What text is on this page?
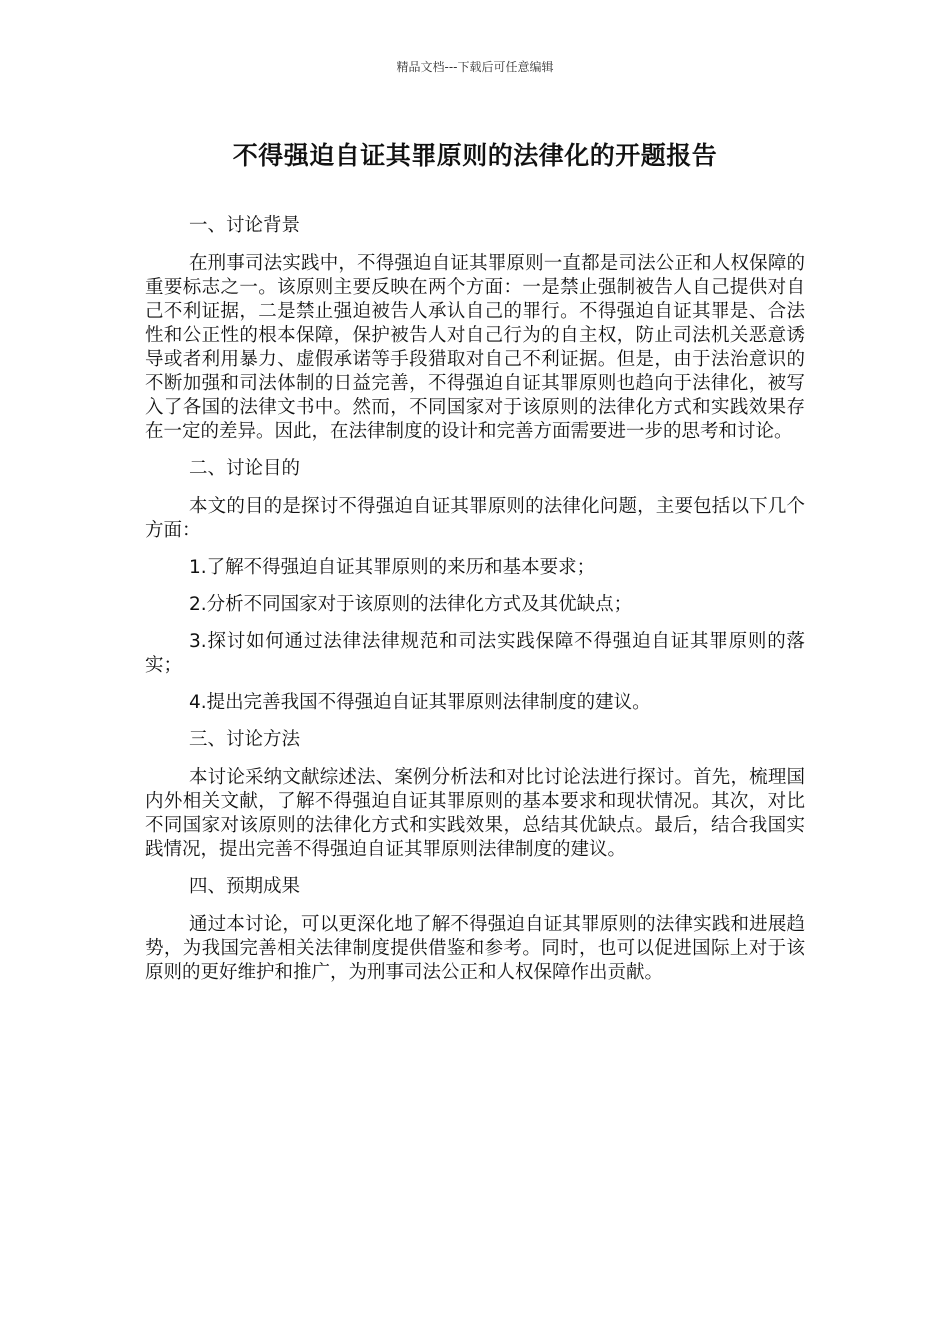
精品文档---下载后可任意编辑
不得强迫自证其罪原则的法律化的开题报告

一、讨论背景

在刑事司法实践中，不得强迫自证其罪原则一直都是司法公正和人权保障的重要标志之一。该原则主要反映在两个方面：一是禁止强制被告人自己提供对自己不利证据，二是禁止强迫被告人承认自己的罪行。不得强迫自证其罪是、合法性和公正性的根本保障，保护被告人对自己行为的自主权，防止司法机关恶意诱导或者利用暴力、虚假承诺等手段猎取对自己不利证据。但是，由于法治意识的不断加强和司法体制的日益完善，不得强迫自证其罪原则也趋向于法律化，被写入了各国的法律文书中。然而，不同国家对于该原则的法律化方式和实践效果存在一定的差异。因此，在法律制度的设计和完善方面需要进一步的思考和讨论。

二、讨论目的

本文的目的是探讨不得强迫自证其罪原则的法律化问题，主要包括以下几个方面：

1.了解不得强迫自证其罪原则的来历和基本要求；

2.分析不同国家对于该原则的法律化方式及其优缺点；

3.探讨如何通过法律法律规范和司法实践保障不得强迫自证其罪原则的落实；

4.提出完善我国不得强迫自证其罪原则法律制度的建议。

三、讨论方法

本讨论采纳文献综述法、案例分析法和对比讨论法进行探讨。首先，梳理国内外相关文献，了解不得强迫自证其罪原则的基本要求和现状情况。其次，对比不同国家对该原则的法律化方式和实践效果，总结其优缺点。最后，结合我国实践情况，提出完善不得强迫自证其罪原则法律制度的建议。

四、预期成果

通过本讨论，可以更深化地了解不得强迫自证其罪原则的法律实践和进展趋势，为我国完善相关法律制度提供借鉴和参考。同时，也可以促进国际上对于该原则的更好维护和推广，为刑事司法公正和人权保障作出贡献。
